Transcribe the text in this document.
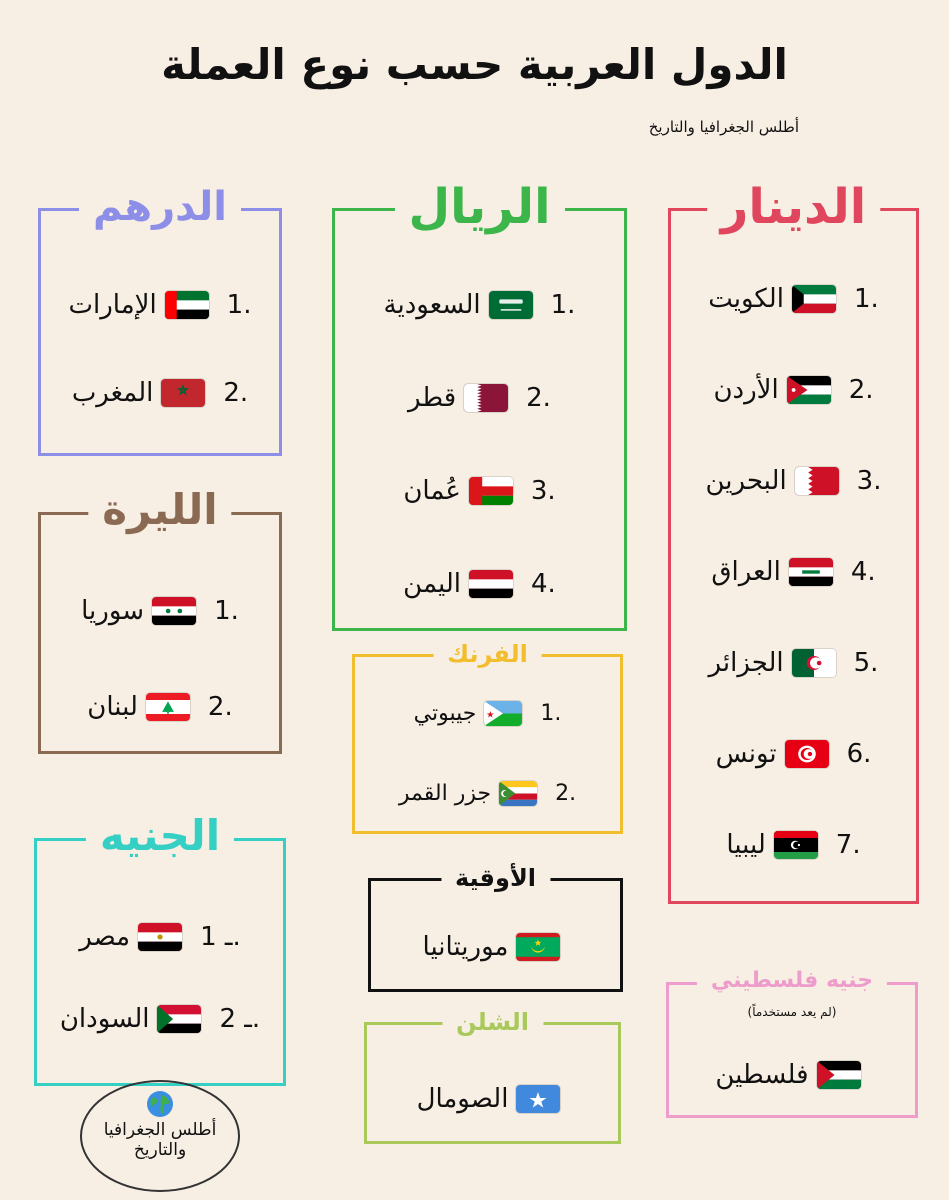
الدول العربية حسب نوع العملة
أطلس الجغرافيا والتاريخ
الدينار
1.
الكويت
2.
الأردن
3.
البحرين
4.
العراق
5.
الجزائر
6.
تونس
7.
ليبيا
الريال
1.
السعودية
2.
قطر
3.
عُمان
4.
اليمن
الدرهم
1.
الإمارات
2.
المغرب
الليرة
1.
سوريا
2.
لبنان
الفرنك
1.
جيبوتي
2.
جزر القمر
الجنيه
ـ 1.
مصر
ـ 2.
السودان
الأوقية
موريتانيا
الشلن
الصومال
جنيه فلسطيني
(لم يعد مستخدماً)
فلسطين
أطلس الجغرافيا
والتاريخ
